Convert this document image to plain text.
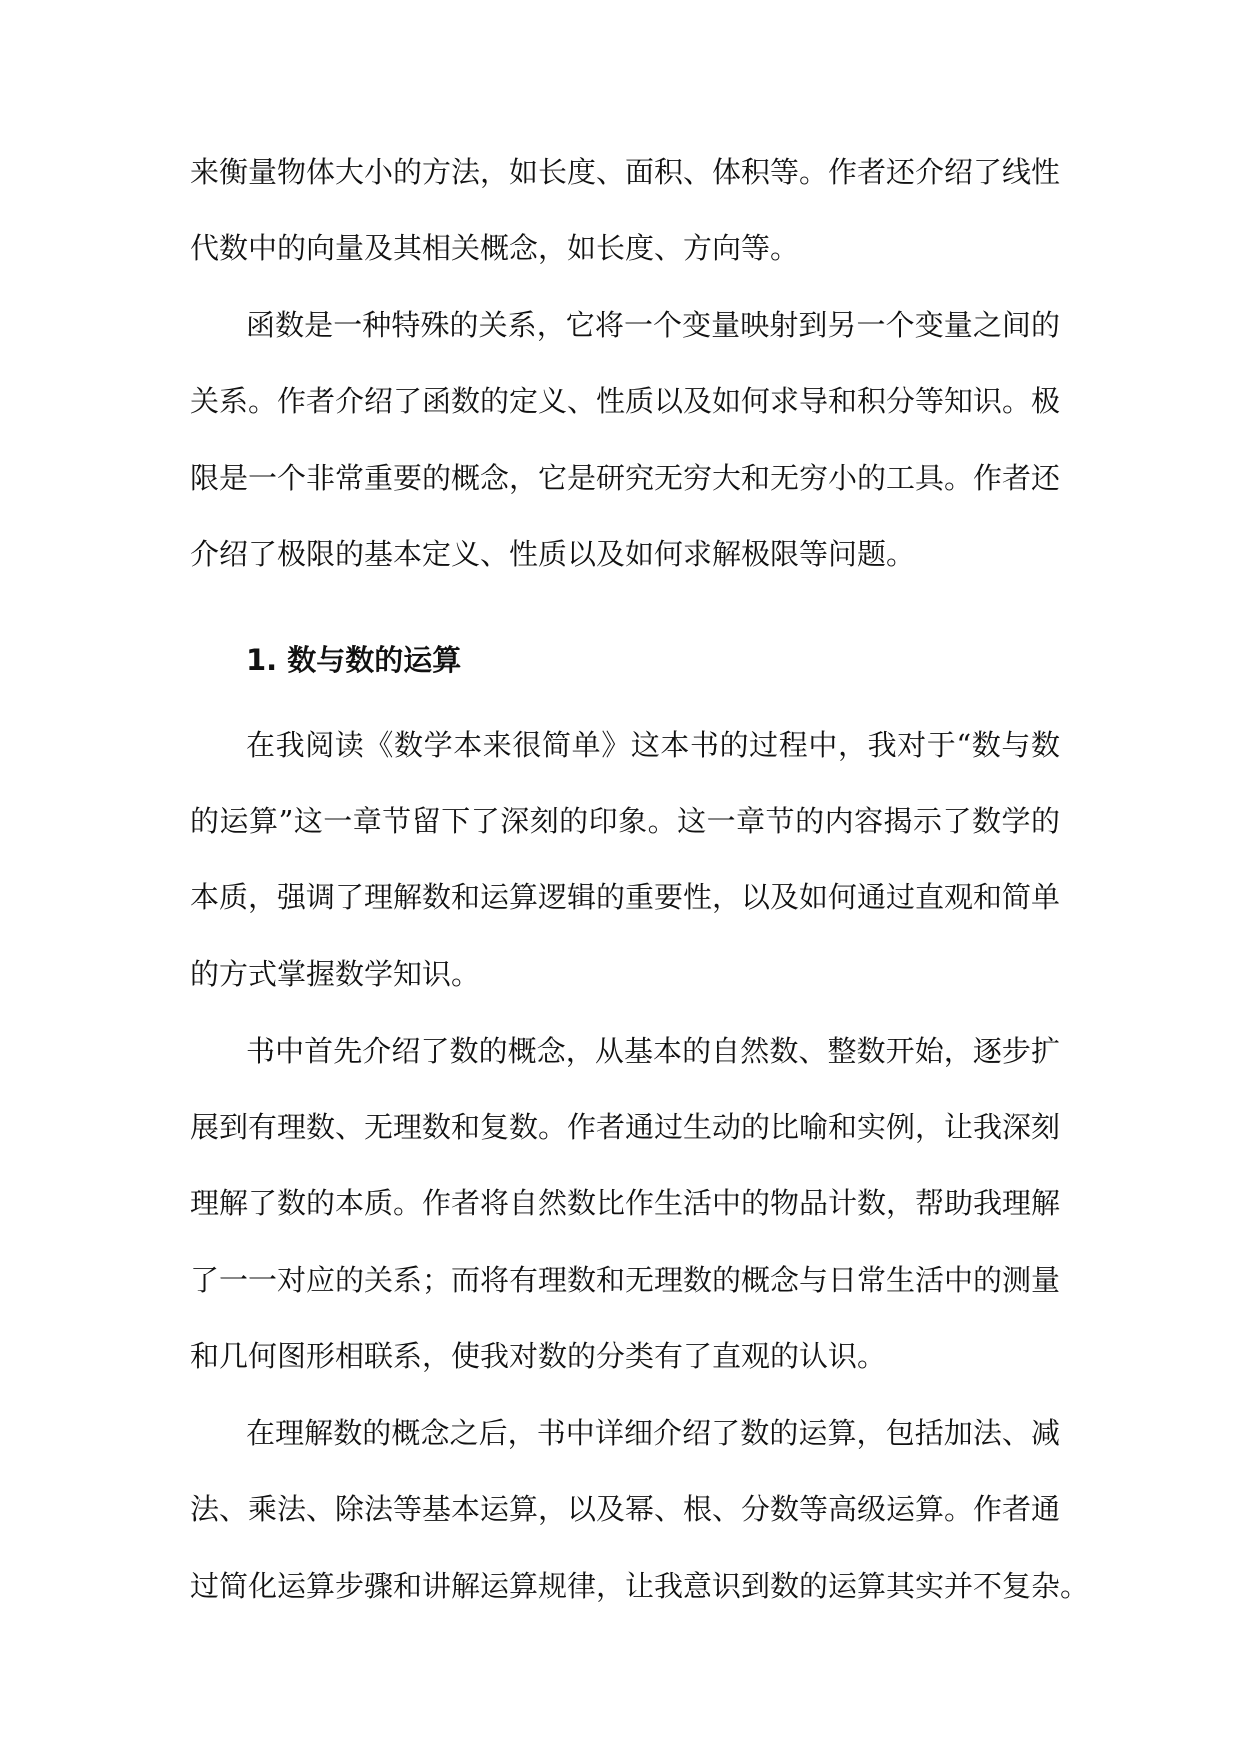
来衡量物体大小的方法，如长度、面积、体积等。作者还介绍了线性
代数中的向量及其相关概念，如长度、方向等。
函数是一种特殊的关系，它将一个变量映射到另一个变量之间的
关系。作者介绍了函数的定义、性质以及如何求导和积分等知识。极
限是一个非常重要的概念，它是研究无穷大和无穷小的工具。作者还
介绍了极限的基本定义、性质以及如何求解极限等问题。
1. 数与数的运算
在我阅读《数学本来很简单》这本书的过程中，我对于“数与数
的运算”这一章节留下了深刻的印象。这一章节的内容揭示了数学的
本质，强调了理解数和运算逻辑的重要性，以及如何通过直观和简单
的方式掌握数学知识。
书中首先介绍了数的概念，从基本的自然数、整数开始，逐步扩
展到有理数、无理数和复数。作者通过生动的比喻和实例，让我深刻
理解了数的本质。作者将自然数比作生活中的物品计数，帮助我理解
了一一对应的关系；而将有理数和无理数的概念与日常生活中的测量
和几何图形相联系，使我对数的分类有了直观的认识。
在理解数的概念之后，书中详细介绍了数的运算，包括加法、减
法、乘法、除法等基本运算，以及幂、根、分数等高级运算。作者通
过简化运算步骤和讲解运算规律，让我意识到数的运算其实并不复杂。
